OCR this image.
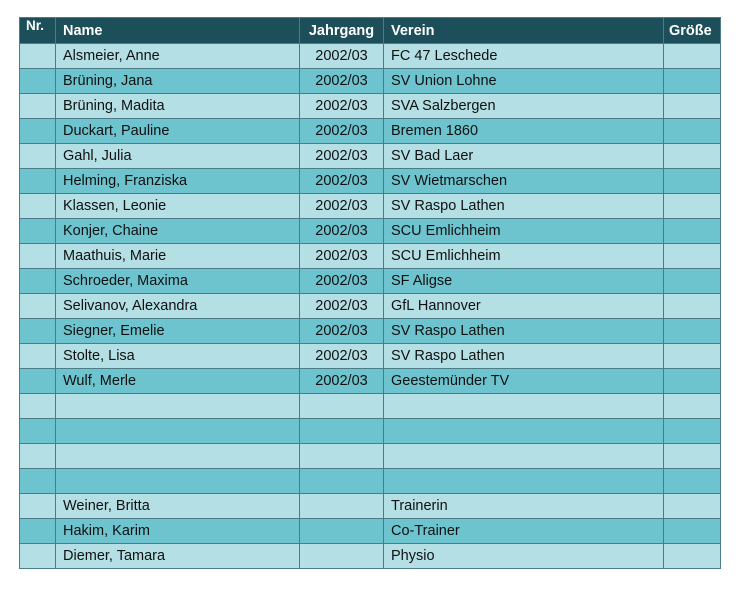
Nr.	Name	Jahrgang	Verein	Größe
	Alsmeier, Anne	2002/03	FC 47 Leschede	
	Brüning, Jana	2002/03	SV Union Lohne	
	Brüning, Madita	2002/03	SVA Salzbergen	
	Duckart, Pauline	2002/03	Bremen 1860	
	Gahl, Julia	2002/03	SV Bad Laer	
	Helming, Franziska	2002/03	SV Wietmarschen	
	Klassen, Leonie	2002/03	SV Raspo Lathen	
	Konjer, Chaine	2002/03	SCU Emlichheim	
	Maathuis, Marie	2002/03	SCU Emlichheim	
	Schroeder, Maxima	2002/03	SF Aligse	
	Selivanov, Alexandra	2002/03	GfL Hannover	
	Siegner, Emelie	2002/03	SV Raspo Lathen	
	Stolte, Lisa	2002/03	SV Raspo Lathen	
	Wulf, Merle	2002/03	Geestemünder TV	

	Weiner, Britta		Trainerin	
	Hakim, Karim		Co-Trainer	
	Diemer, Tamara		Physio	
